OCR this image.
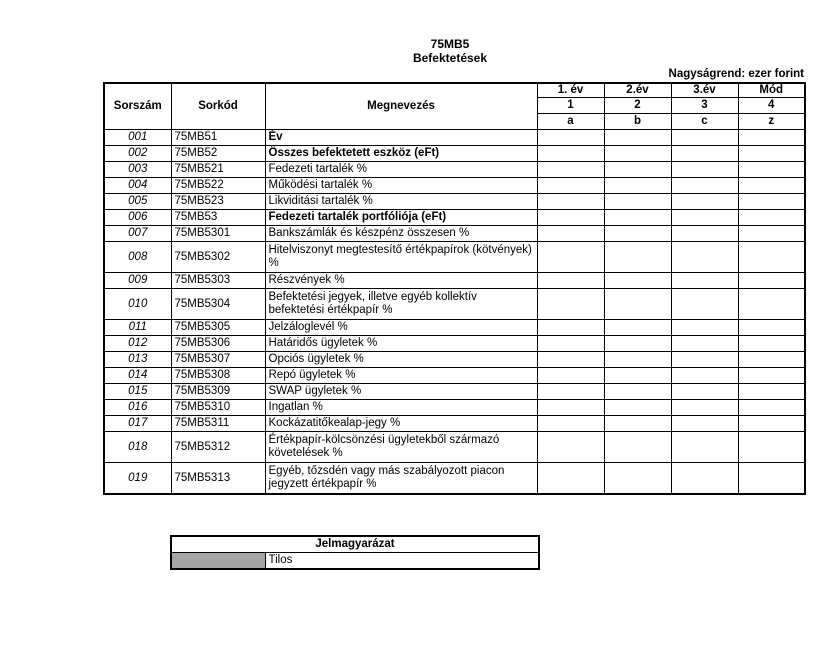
75MB5
Befektetések
Nagyságrend: ezer forint
Sorszám	Sorkód	Megnevezés	1. év	2.év	3.év	Mód
			1	2	3	4
			a	b	c	z
001	75MB51	Év				
002	75MB52	Összes befektetett eszköz (eFt)				
003	75MB521	Fedezeti tartalék %				
004	75MB522	Működési tartalék %				
005	75MB523	Likviditási tartalék %				
006	75MB53	Fedezeti tartalék portfóliója (eFt)				
007	75MB5301	Bankszámlák és készpénz összesen %				
008	75MB5302	Hitelviszonyt megtestesítő értékpapírok (kötvények) %				
009	75MB5303	Részvények %				
010	75MB5304	Befektetési jegyek, illetve egyéb kollektív befektetési értékpapír %				
011	75MB5305	Jelzáloglevél %				
012	75MB5306	Határidős ügyletek %				
013	75MB5307	Opciós ügyletek %				
014	75MB5308	Repó ügyletek %				
015	75MB5309	SWAP ügyletek %				
016	75MB5310	Ingatlan %				
017	75MB5311	Kockázatitőkealap-jegy %				
018	75MB5312	Értékpapír-kölcsönzési ügyletekből származó követelések %				
019	75MB5313	Egyéb, tőzsdén vagy más szabályozott piacon jegyzett értékpapír %				
Jelmagyarázat
	Tilos
